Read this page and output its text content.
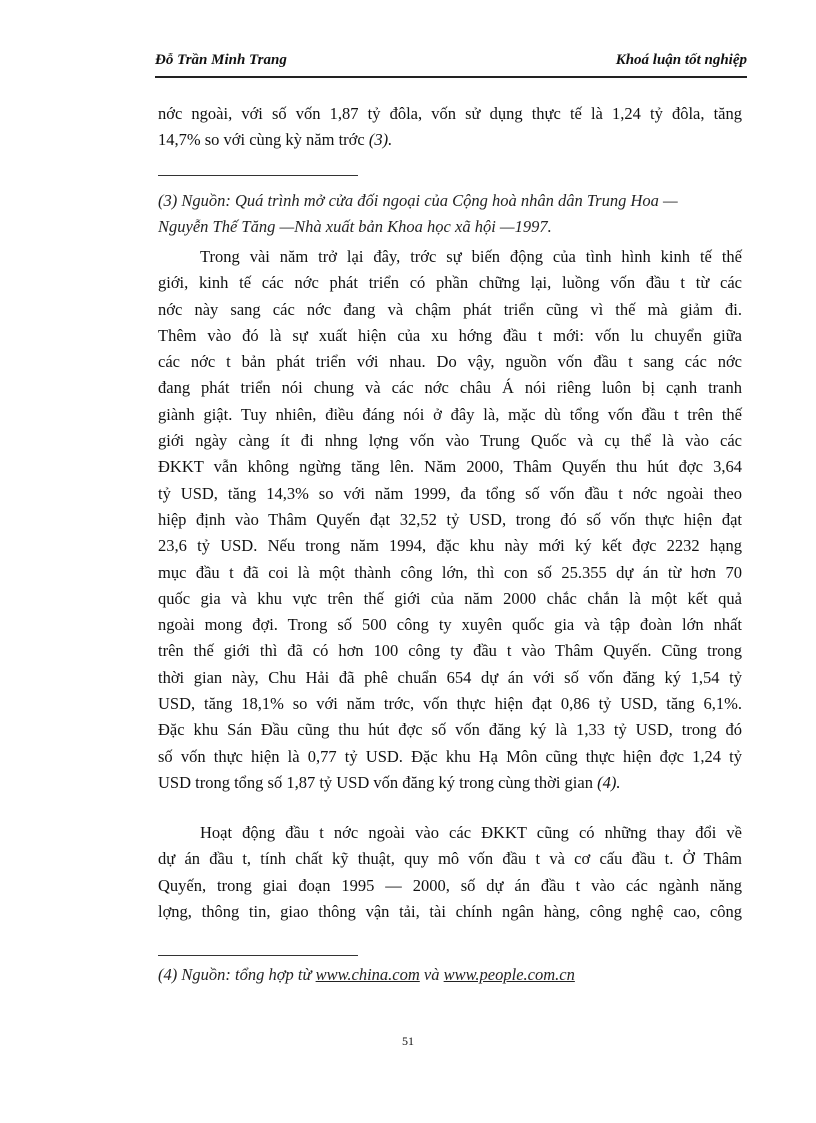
Đỗ Trần Minh Trang	Khoá luận tốt nghiệp
nớc ngoài, với số vốn 1,87 tỷ đôla, vốn sử dụng thực tế là 1,24 tỷ đôla, tăng
14,7% so với cùng kỳ năm trớc (3).
(3) Nguồn: Quá trình mở cửa đối ngoại của Cộng hoà nhân dân Trung Hoa —
Nguyễn Thế Tăng —Nhà xuất bản Khoa học xã hội —1997.
Trong vài năm trở lại đây, trớc sự biến động của tình hình kinh tế thế
giới, kinh tế các nớc phát triển có phần chững lại, luồng vốn đầu t từ các
nớc này sang các nớc đang và chậm phát triển cũng vì thế mà giảm đi.
Thêm vào đó là sự xuất hiện của xu hớng đầu t mới: vốn lu chuyển giữa
các nớc t bản phát triển với nhau. Do vậy, nguồn vốn đầu t sang các nớc
đang phát triển nói chung và các nớc châu Á nói riêng luôn bị cạnh tranh
giành giật. Tuy nhiên, điều đáng nói ở đây là, mặc dù tổng vốn đầu t trên thế
giới ngày càng ít đi nhng lợng vốn vào Trung Quốc và cụ thể là vào các
ĐKKT vẫn không ngừng tăng lên. Năm 2000, Thâm Quyến thu hút đợc 3,64
tỷ USD, tăng 14,3% so với năm 1999, đa tổng số vốn đầu t nớc ngoài theo
hiệp định vào Thâm Quyến đạt 32,52 tỷ USD, trong đó số vốn thực hiện đạt
23,6 tỷ USD. Nếu trong năm 1994, đặc khu này mới ký kết đợc 2232 hạng
mục đầu t đã coi là một thành công lớn, thì con số 25.355 dự án từ hơn 70
quốc gia và khu vực trên thế giới của năm 2000 chắc chắn là một kết quả
ngoài mong đợi. Trong số 500 công ty xuyên quốc gia và tập đoàn lớn nhất
trên thế giới thì đã có hơn 100 công ty đầu t vào Thâm Quyến. Cũng trong
thời gian này, Chu Hải đã phê chuẩn 654 dự án với số vốn đăng ký 1,54 tỷ
USD, tăng 18,1% so với năm trớc, vốn thực hiện đạt 0,86 tỷ USD, tăng 6,1%.
Đặc khu Sán Đầu cũng thu hút đợc số vốn đăng ký là 1,33 tỷ USD, trong đó
số vốn thực hiện là 0,77 tỷ USD. Đặc khu Hạ Môn cũng thực hiện đợc 1,24 tỷ
USD trong tổng số 1,87 tỷ USD vốn đăng ký trong cùng thời gian (4).
Hoạt động đầu t nớc ngoài vào các ĐKKT cũng có những thay đổi về
dự án đầu t, tính chất kỹ thuật, quy mô vốn đầu t và cơ cấu đầu t. Ở Thâm
Quyến, trong giai đoạn 1995 — 2000, số dự án đầu t vào các ngành năng
lợng, thông tin, giao thông vận tải, tài chính ngân hàng, công nghệ cao, công
(4) Nguồn: tổng hợp từ www.china.com và www.people.com.cn
51
